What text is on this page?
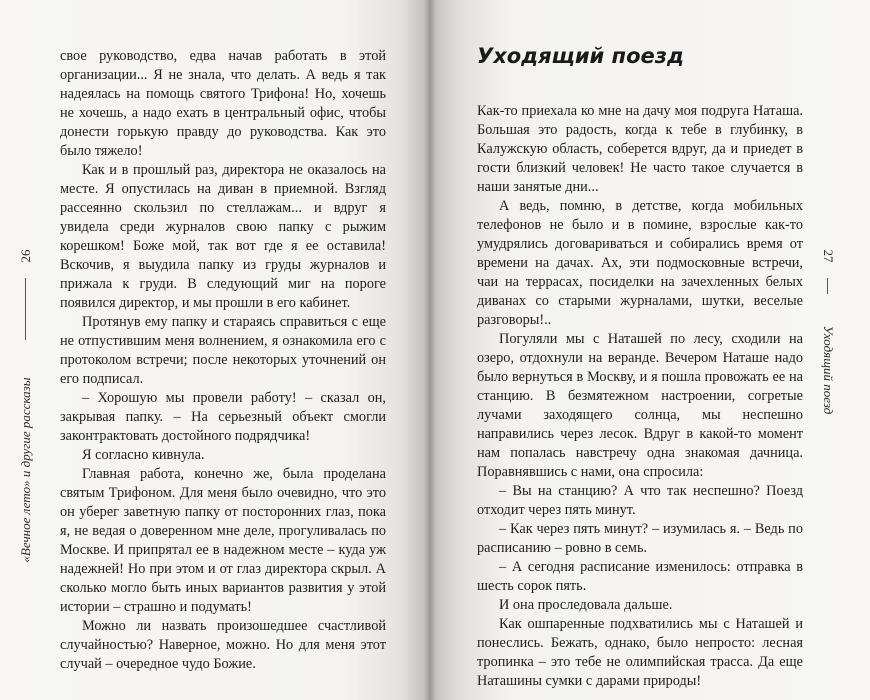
26
«Вечное лето» и другие рассказы

свое руководство, едва начав работать в этой организации... Я не знала, что делать. А ведь я так надеялась на помощь святого Трифона! Но, хочешь не хочешь, а надо ехать в центральный офис, чтобы донести горькую правду до руководства. Как это было тяжело!

Как и в прошлый раз, директора не оказалось на месте. Я опустилась на диван в приемной. Взгляд рассеянно скользил по стеллажам... и вдруг я увидела среди журналов свою папку с рыжим корешком! Боже мой, так вот где я ее оставила! Вскочив, я выудила папку из груды журналов и прижала к груди. В следующий миг на пороге появился директор, и мы прошли в его кабинет.

Протянув ему папку и стараясь справиться с еще не отпустившим меня волнением, я ознакомила его с протоколом встречи; после некоторых уточнений он его подписал.

– Хорошую мы провели работу! – сказал он, закрывая папку. – На серьезный объект смогли законтрактовать достойного подрядчика!

Я согласно кивнула.

Главная работа, конечно же, была проделана святым Трифоном. Для меня было очевидно, что это он уберег заветную папку от посторонних глаз, пока я, не ведая о доверенном мне деле, прогуливалась по Москве. И припрятал ее в надежном месте – куда уж надежней! Но при этом и от глаз директора скрыл. А сколько могло быть иных вариантов развития у этой истории – страшно и подумать!

Можно ли назвать произошедшее счастливой случайностью? Наверное, можно. Но для меня этот случай – очередное чудо Божие.

Уходящий поезд
27
Уходящий поезд

Как-то приехала ко мне на дачу моя подруга Наташа. Большая это радость, когда к тебе в глубинку, в Калужскую область, соберется вдруг, да и приедет в гости близкий человек! Не часто такое случается в наши занятые дни...

А ведь, помню, в детстве, когда мобильных телефонов не было и в помине, взрослые как-то умудрялись договариваться и собирались время от времени на дачах. Ах, эти подмосковные встречи, чаи на террасах, посиделки на зачехленных белых диванах со старыми журналами, шутки, веселые разговоры!..

Погуляли мы с Наташей по лесу, сходили на озеро, отдохнули на веранде. Вечером Наташе надо было вернуться в Москву, и я пошла провожать ее на станцию. В безмятежном настроении, согретые лучами заходящего солнца, мы неспешно направились через лесок. Вдруг в какой-то момент нам попалась навстречу одна знакомая дачница. Поравнявшись с нами, она спросила:

– Вы на станцию? А что так неспешно? Поезд отходит через пять минут.

– Как через пять минут? – изумилась я. – Ведь по расписанию – ровно в семь.

– А сегодня расписание изменилось: отправка в шесть сорок пять.

И она проследовала дальше.

Как ошпаренные подхватились мы с Наташей и понеслись. Бежать, однако, было непросто: лесная тропинка – это тебе не олимпийская трасса. Да еще Наташины сумки с дарами природы!
